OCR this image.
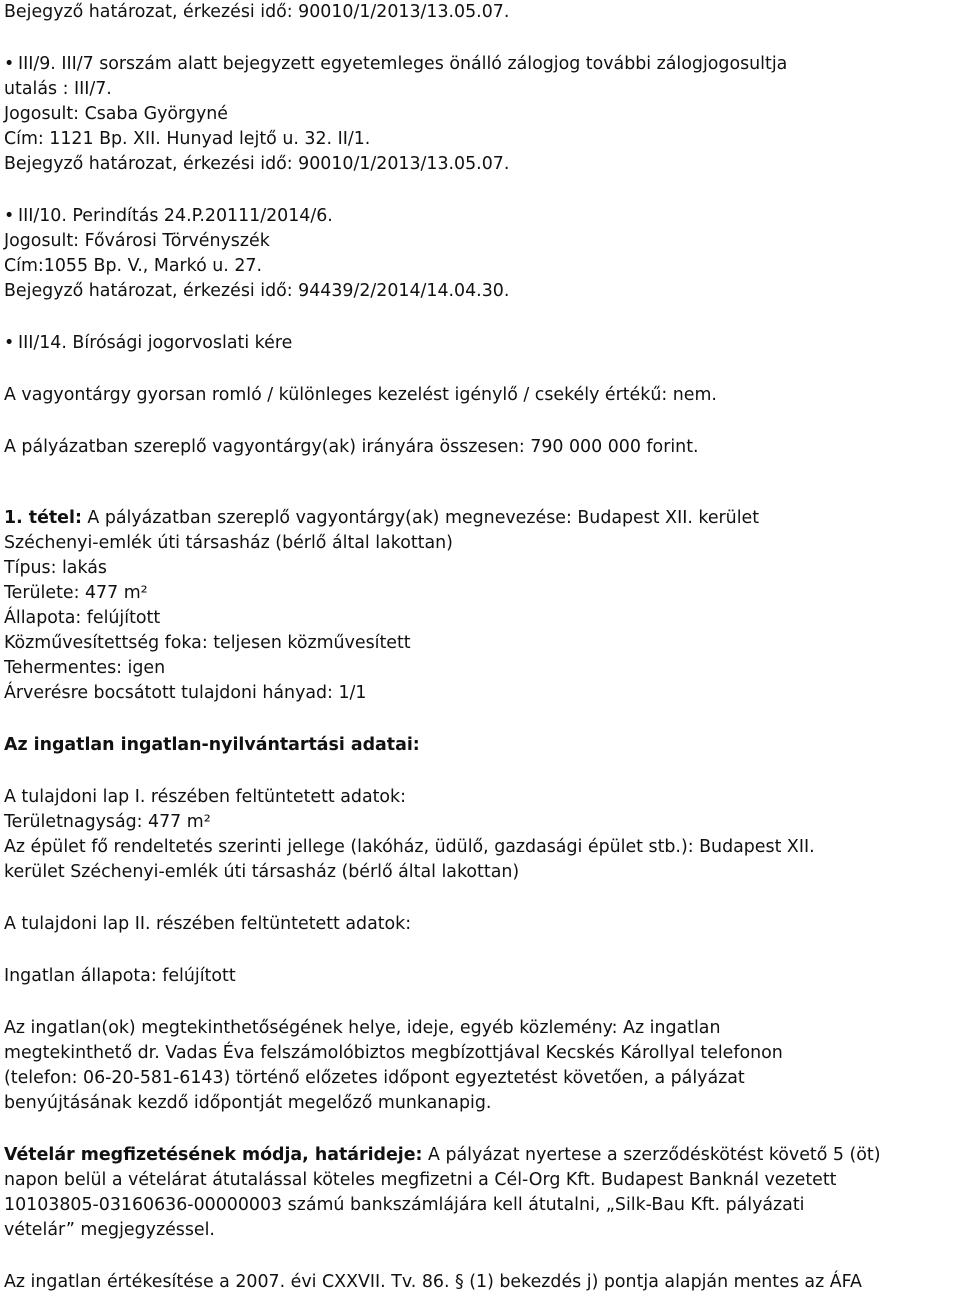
Bejegyző határozat, érkezési idő: 90010/1/2013/13.05.07.

• III/9. III/7 sorszám alatt bejegyzett egyetemleges önálló zálogjog további zálogjogosultja

utalás : III/7.

Jogosult: Csaba Györgyné

Cím: 1121 Bp. XII. Hunyad lejtő u. 32. II/1.

Bejegyző határozat, érkezési idő: 90010/1/2013/13.05.07.

• III/10. Perindítás 24.P.20111/2014/6.

Jogosult: Fővárosi Törvényszék

Cím:1055 Bp. V., Markó u. 27.

Bejegyző határozat, érkezési idő: 94439/2/2014/14.04.30.

• III/14. Bírósági jogorvoslati kére

A vagyontárgy gyorsan romló / különleges kezelést igénylő / csekély értékű: nem.

A pályázatban szereplő vagyontárgy(ak) irányára összesen: 790 000 000 forint.

1. tétel: A pályázatban szereplő vagyontárgy(ak) megnevezése: Budapest XII. kerület

Széchenyi-emlék úti társasház (bérlő által lakottan)

Típus: lakás

Területe: 477 m²

Állapota: felújított

Közművesítettség foka: teljesen közművesített

Tehermentes: igen

Árverésre bocsátott tulajdoni hányad: 1/1

Az ingatlan ingatlan-nyilvántartási adatai:

A tulajdoni lap I. részében feltüntetett adatok:

Területnagyság: 477 m²

Az épület fő rendeltetés szerinti jellege (lakóház, üdülő, gazdasági épület stb.): Budapest XII.

kerület Széchenyi-emlék úti társasház (bérlő által lakottan)

A tulajdoni lap II. részében feltüntetett adatok:

Ingatlan állapota: felújított

Az ingatlan(ok) megtekinthetőségének helye, ideje, egyéb közlemény: Az ingatlan

megtekinthető dr. Vadas Éva felszámolóbiztos megbízottjával Kecskés Károllyal telefonon

(telefon: 06-20-581-6143) történő előzetes időpont egyeztetést követően, a pályázat

benyújtásának kezdő időpontját megelőző munkanapig.

Vételár megfizetésének módja, határideje: A pályázat nyertese a szerződéskötést követő 5 (öt)

napon belül a vételárat átutalással köteles megfizetni a Cél-Org Kft. Budapest Banknál vezetett

10103805-03160636-00000003 számú bankszámlájára kell átutalni, „Silk-Bau Kft. pályázati

vételár” megjegyzéssel.

Az ingatlan értékesítése a 2007. évi CXXVII. Tv. 86. § (1) bekezdés j) pontja alapján mentes az ÁFA
